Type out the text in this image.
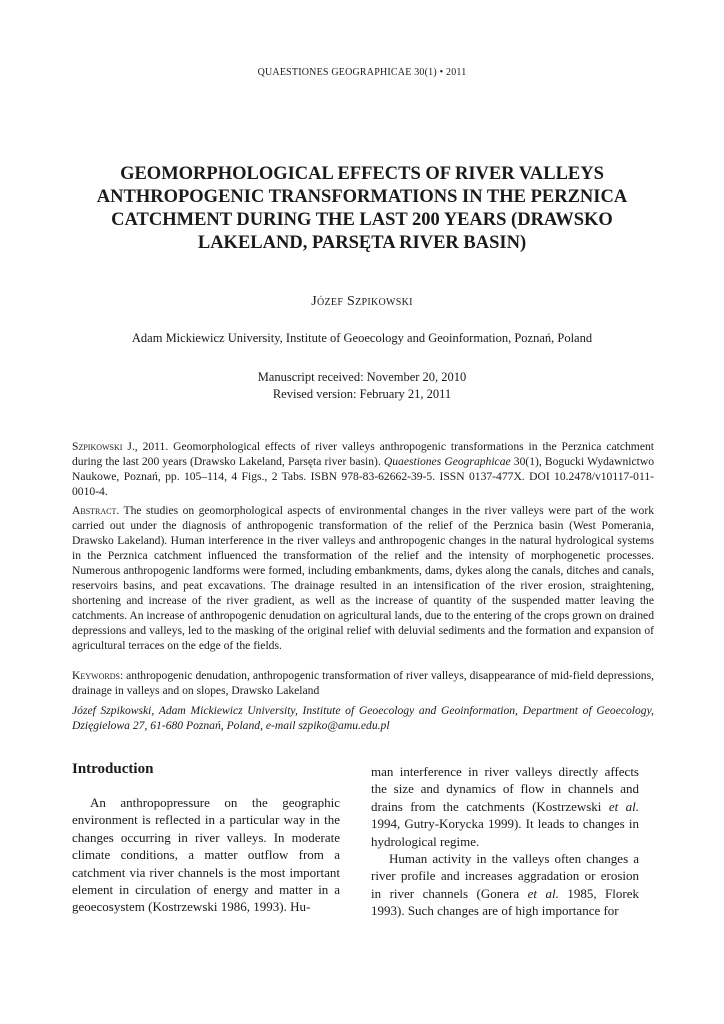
QUAESTIONES GEOGRAPHICAE 30(1) • 2011
GEOMORPHOLOGICAL EFFECTS OF RIVER VALLEYS ANTHROPOGENIC TRANSFORMATIONS IN THE PERZNICA CATCHMENT DURING THE LAST 200 YEARS (DRAWSKO LAKELAND, PARSĘTA RIVER BASIN)
Józef Szpikowski
Adam Mickiewicz University, Institute of Geoecology and Geoinformation, Poznań, Poland
Manuscript received: November 20, 2010
Revised version: February 21, 2011
Szpikowski J., 2011. Geomorphological effects of river valleys anthropogenic transformations in the Perznica catchment during the last 200 years (Drawsko Lakeland, Parsęta river basin). Quaestiones Geographicae 30(1), Bogucki Wydawnictwo Naukowe, Poznań, pp. 105–114, 4 Figs., 2 Tabs. ISBN 978-83-62662-39-5. ISSN 0137-477X. DOI 10.2478/v10117-011-0010-4.
Abstract. The studies on geomorphological aspects of environmental changes in the river valleys were part of the work carried out under the diagnosis of anthropogenic transformation of the relief of the Perznica basin (West Pomerania, Drawsko Lakeland). Human interference in the river valleys and anthropogenic changes in the natural hydrological systems in the Perznica catchment influenced the transformation of the relief and the intensity of morphogenetic processes. Numerous anthropogenic landforms were formed, including embankments, dams, dykes along the canals, ditches and canals, reservoirs basins, and peat excavations. The drainage resulted in an intensification of the river erosion, straightening, shortening and increase of the river gradient, as well as the increase of quantity of the suspended matter leaving the catchments. An increase of anthropogenic denudation on agricultural lands, due to the entering of the crops grown on drained depressions and valleys, led to the masking of the original relief with deluvial sediments and the formation and expansion of agricultural terraces on the edge of the fields.
Keywords: anthropogenic denudation, anthropogenic transformation of river valleys, disappearance of mid-field depressions, drainage in valleys and on slopes, Drawsko Lakeland
Józef Szpikowski, Adam Mickiewicz University, Institute of Geoecology and Geoinformation, Department of Geoecology, Dzięgielowa 27, 61-680 Poznań, Poland, e-mail szpiko@amu.edu.pl
Introduction

An anthropopressure on the geographic environment is reflected in a particular way in the changes occurring in river valleys. In moderate climate conditions, a matter outflow from a catchment via river channels is the most important element in circulation of energy and matter in a geoecosystem (Kostrzewski 1986, 1993). Hu-

man interference in river valleys directly affects the size and dynamics of flow in channels and drains from the catchments (Kostrzewski et al. 1994, Gutry-Korycka 1999). It leads to changes in hydrological regime.

Human activity in the valleys often changes a river profile and increases aggradation or erosion in river channels (Gonera et al. 1985, Florek 1993). Such changes are of high importance for
